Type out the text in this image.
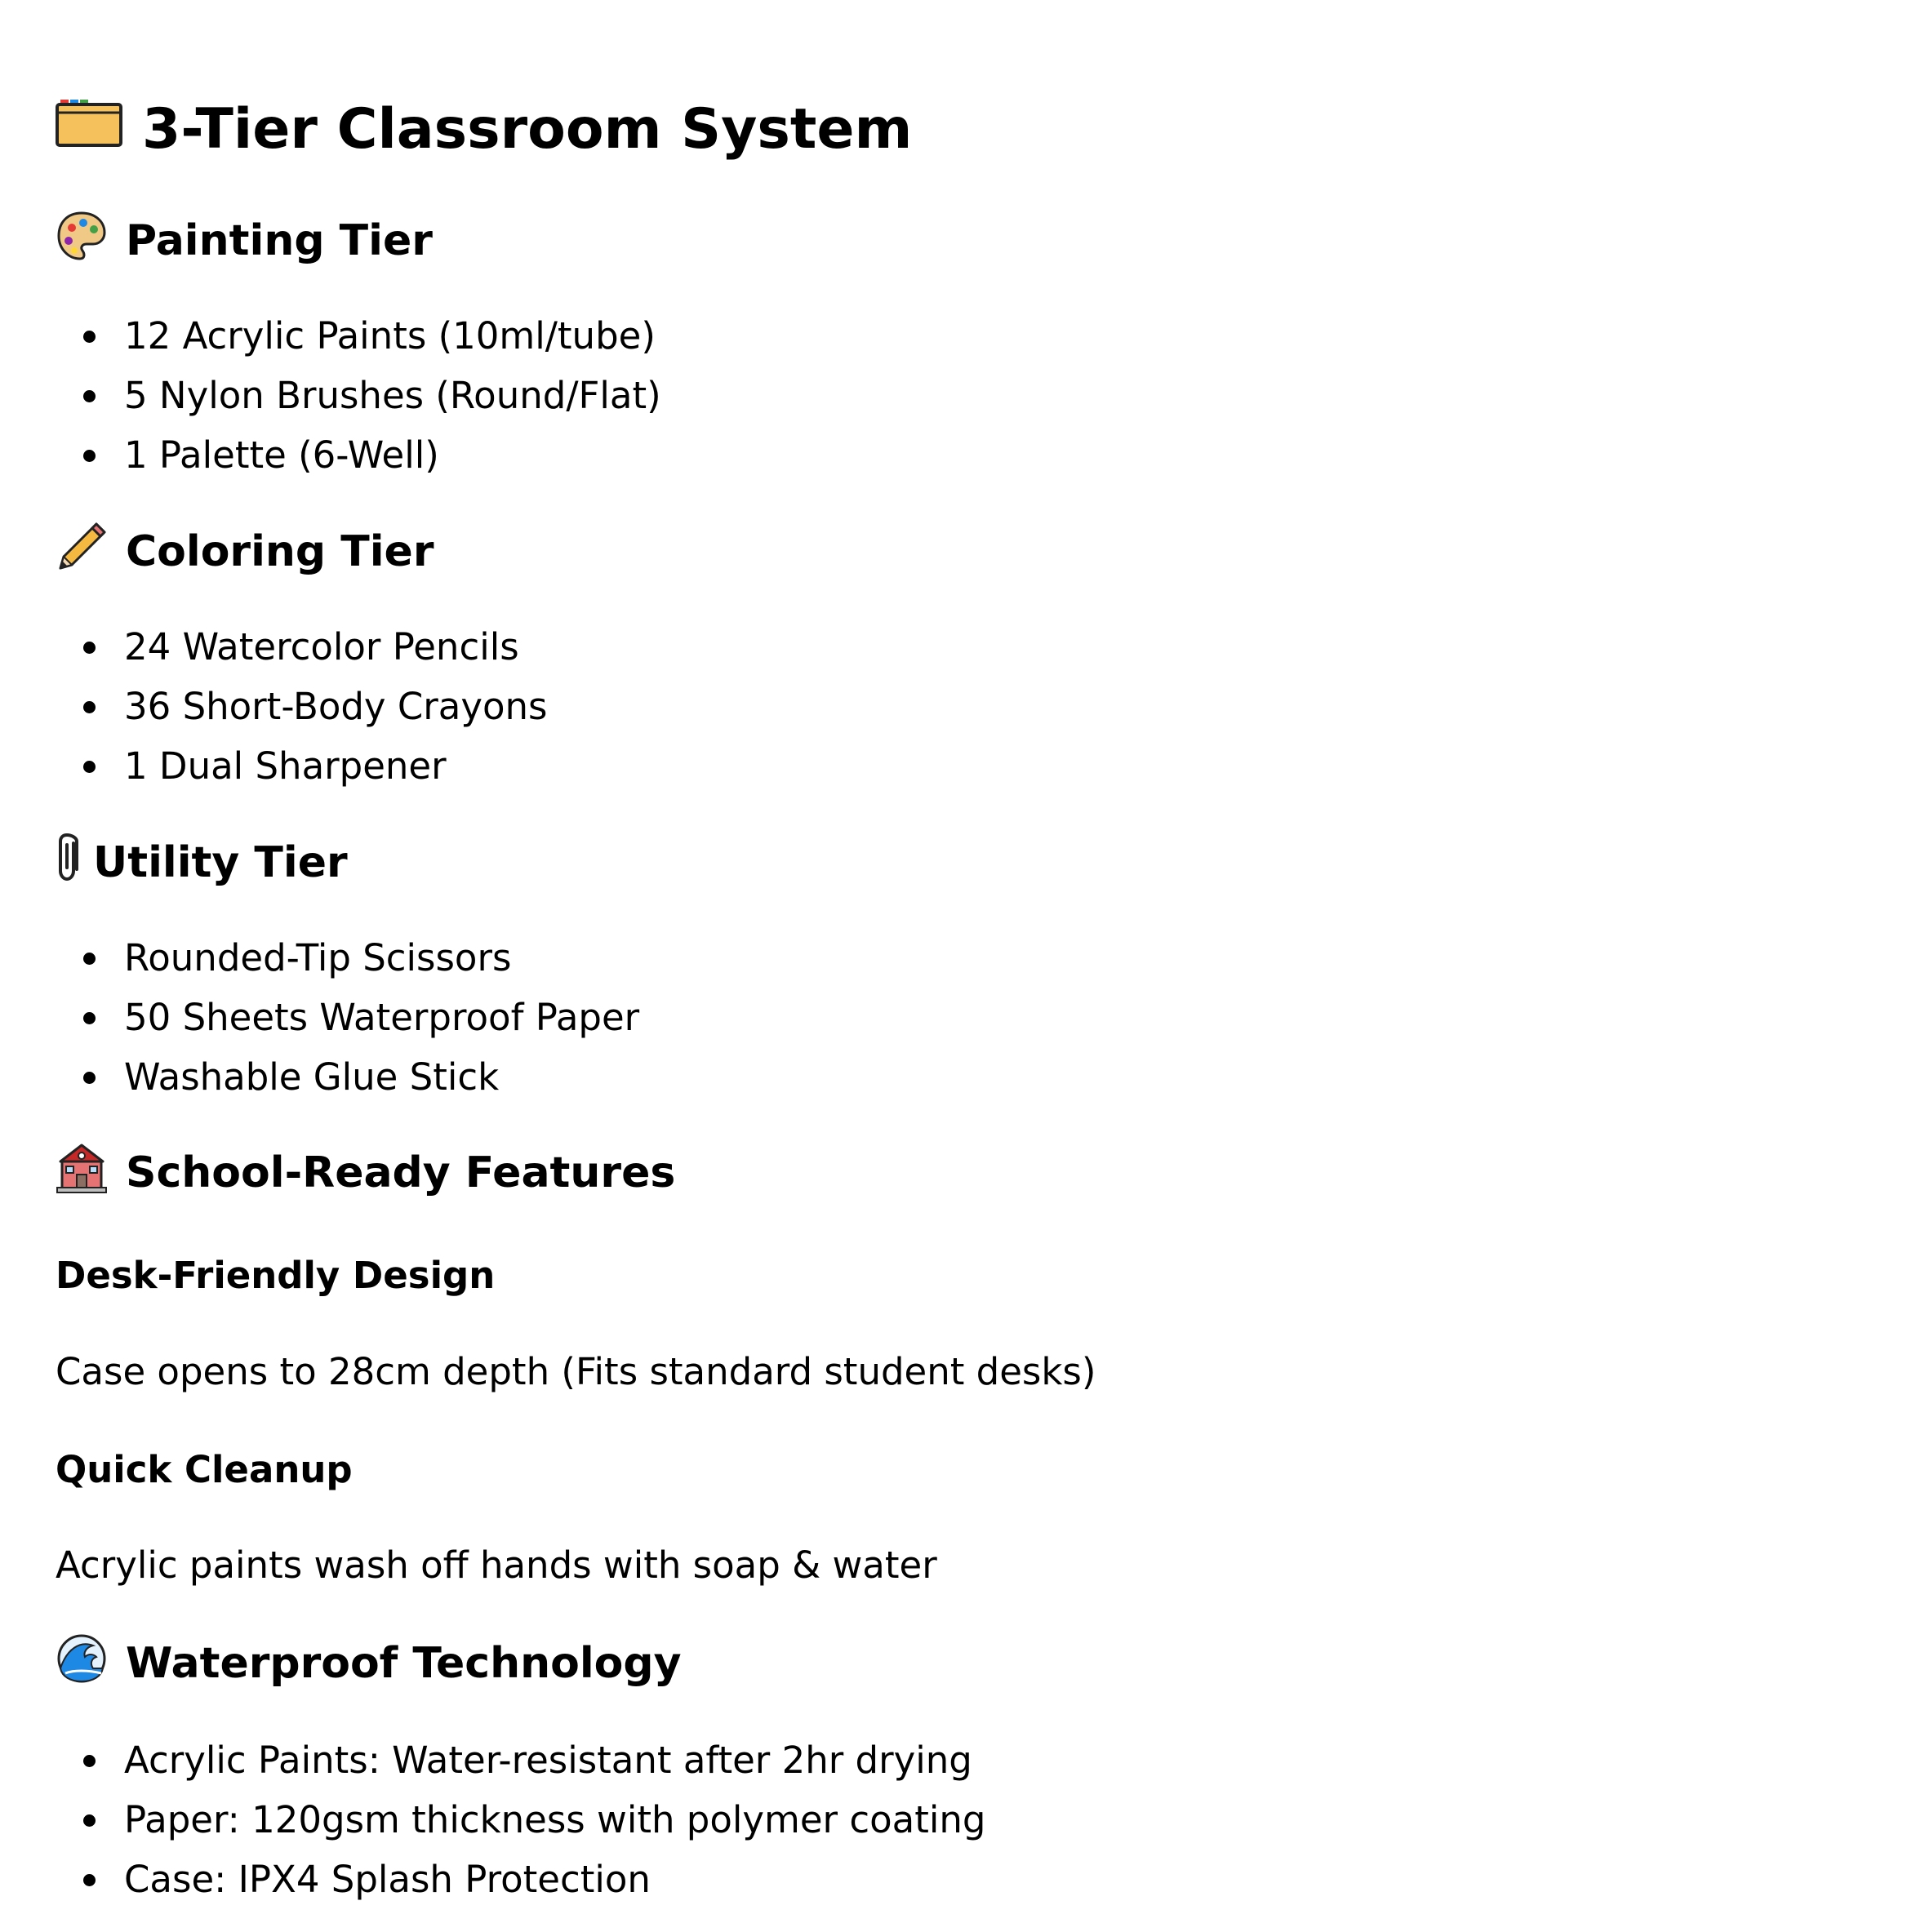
3-Tier Classroom System
Painting Tier
12 Acrylic Paints (10ml/tube)
5 Nylon Brushes (Round/Flat)
1 Palette (6-Well)
Coloring Tier
24 Watercolor Pencils
36 Short-Body Crayons
1 Dual Sharpener
Utility Tier
Rounded-Tip Scissors
50 Sheets Waterproof Paper
Washable Glue Stick
School-Ready Features
Desk-Friendly Design
Case opens to 28cm depth (Fits standard student desks)
Quick Cleanup
Acrylic paints wash off hands with soap & water
Waterproof Technology
Acrylic Paints: Water-resistant after 2hr drying
Paper: 120gsm thickness with polymer coating
Case: IPX4 Splash Protection
